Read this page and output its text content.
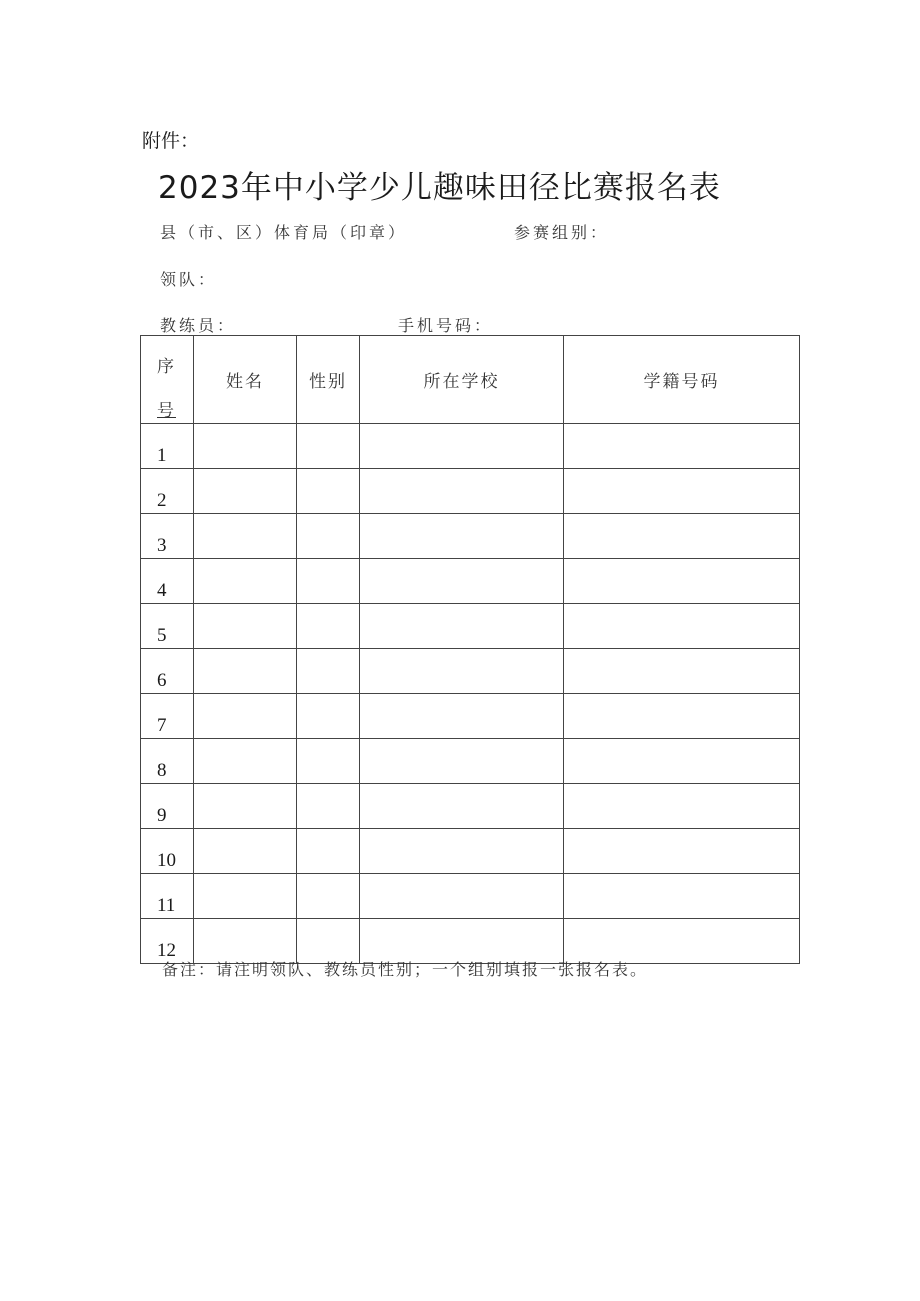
附件：
2023年中小学少儿趣味田径比赛报名表
县（市、区）体育局（印章）	参赛组别：
领队：
教练员：	手机号码：
序
号	姓名	性别	所在学校	学籍号码
1				
2				
3				
4				
5				
6				
7				
8				
9				
10				
11				
12				
备注：请注明领队、教练员性别；一个组别填报一张报名表。
